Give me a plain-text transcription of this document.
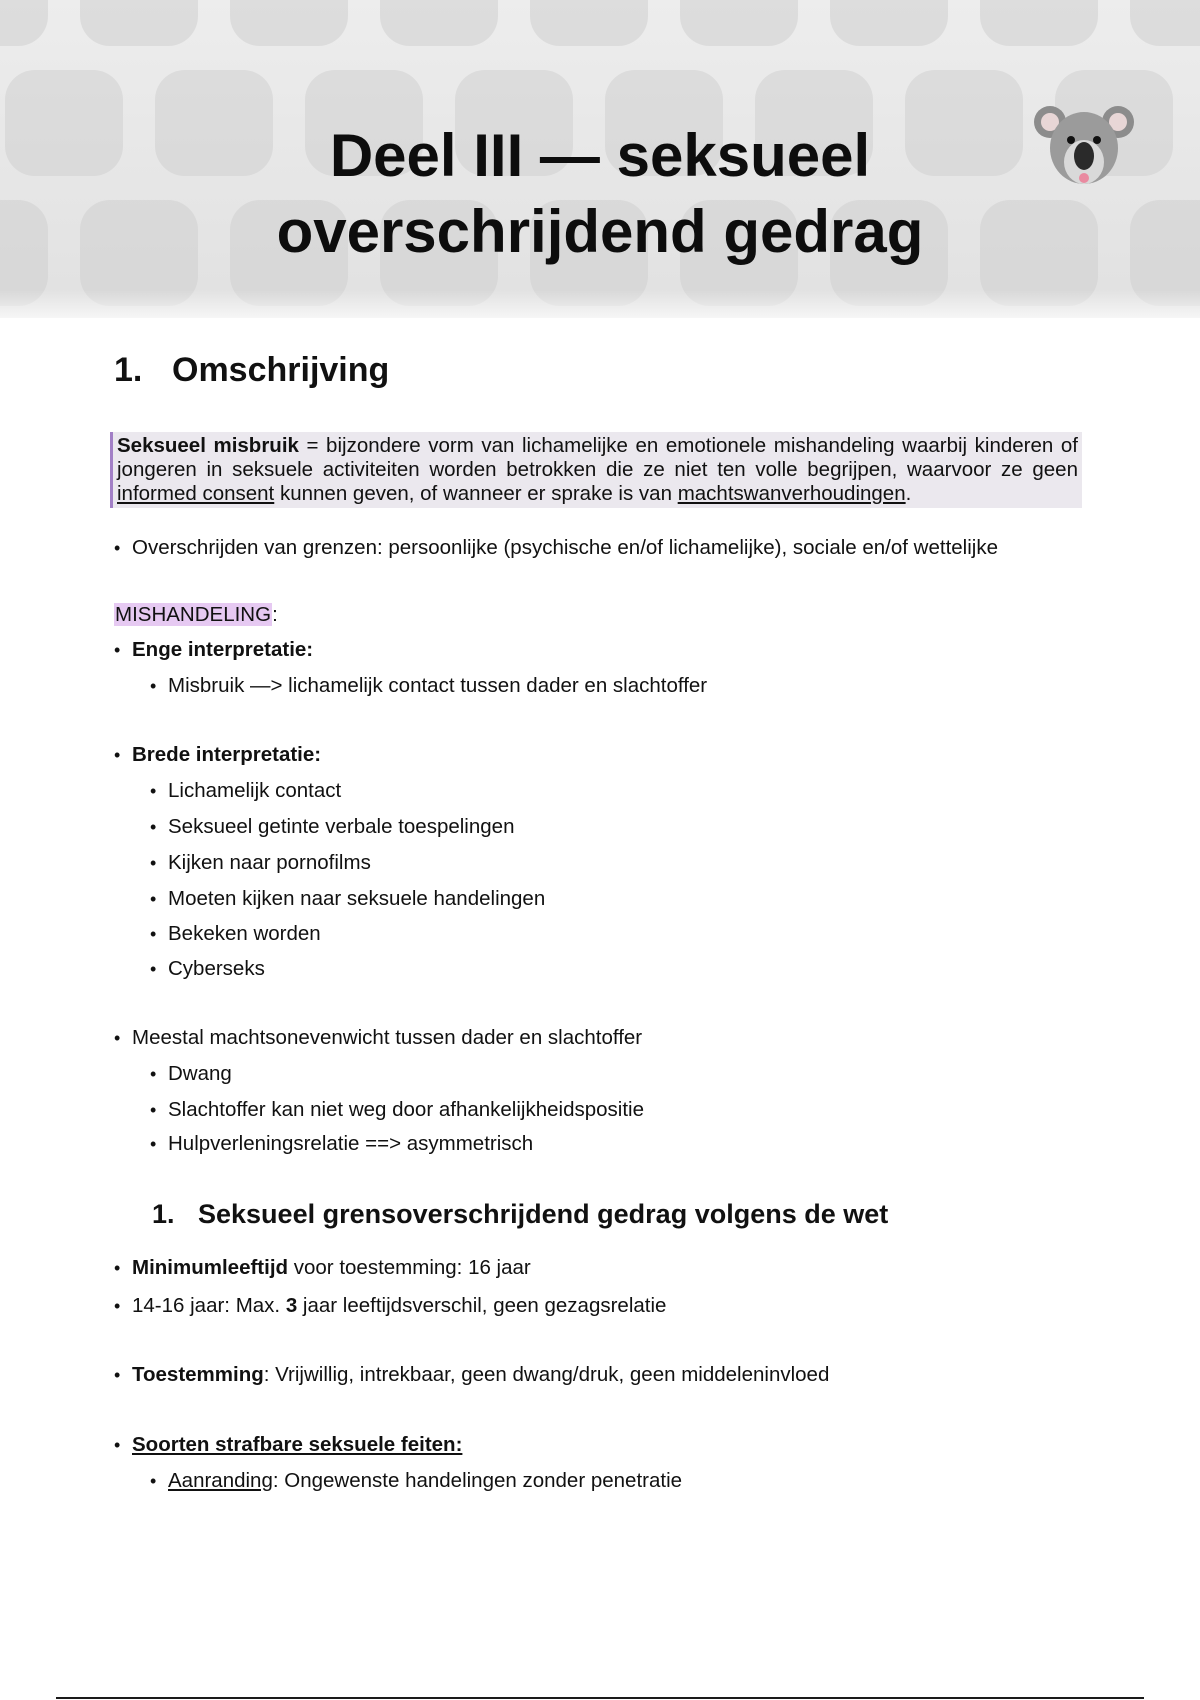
Deel III — seksueel
overschrijdend gedrag
1. Omschrijving
Seksueel misbruik = bijzondere vorm van lichamelijke en emotionele mishandeling waarbij kinderen of jongeren in seksuele activiteiten worden betrokken die ze niet ten volle begrijpen, waarvoor ze geen informed consent kunnen geven, of wanneer er sprake is van machtswanverhoudingen.
• Overschrijden van grenzen: persoonlijke (psychische en/of lichamelijke), sociale en/of wettelijke
MISHANDELING:
• Enge interpretatie:
• Misbruik —> lichamelijk contact tussen dader en slachtoffer
• Brede interpretatie:
• Lichamelijk contact
• Seksueel getinte verbale toespelingen
• Kijken naar pornofilms
• Moeten kijken naar seksuele handelingen
• Bekeken worden
• Cyberseks
• Meestal machtsonevenwicht tussen dader en slachtoffer
• Dwang
• Slachtoffer kan niet weg door afhankelijkheidspositie
• Hulpverleningsrelatie ==> asymmetrisch
1. Seksueel grensoverschrijdend gedrag volgens de wet
• Minimumleeftijd voor toestemming: 16 jaar
• 14-16 jaar: Max. 3 jaar leeftijdsverschil, geen gezagsrelatie
• Toestemming: Vrijwillig, intrekbaar, geen dwang/druk, geen middeleninvloed
• Soorten strafbare seksuele feiten:
• Aanranding: Ongewenste handelingen zonder penetratie
